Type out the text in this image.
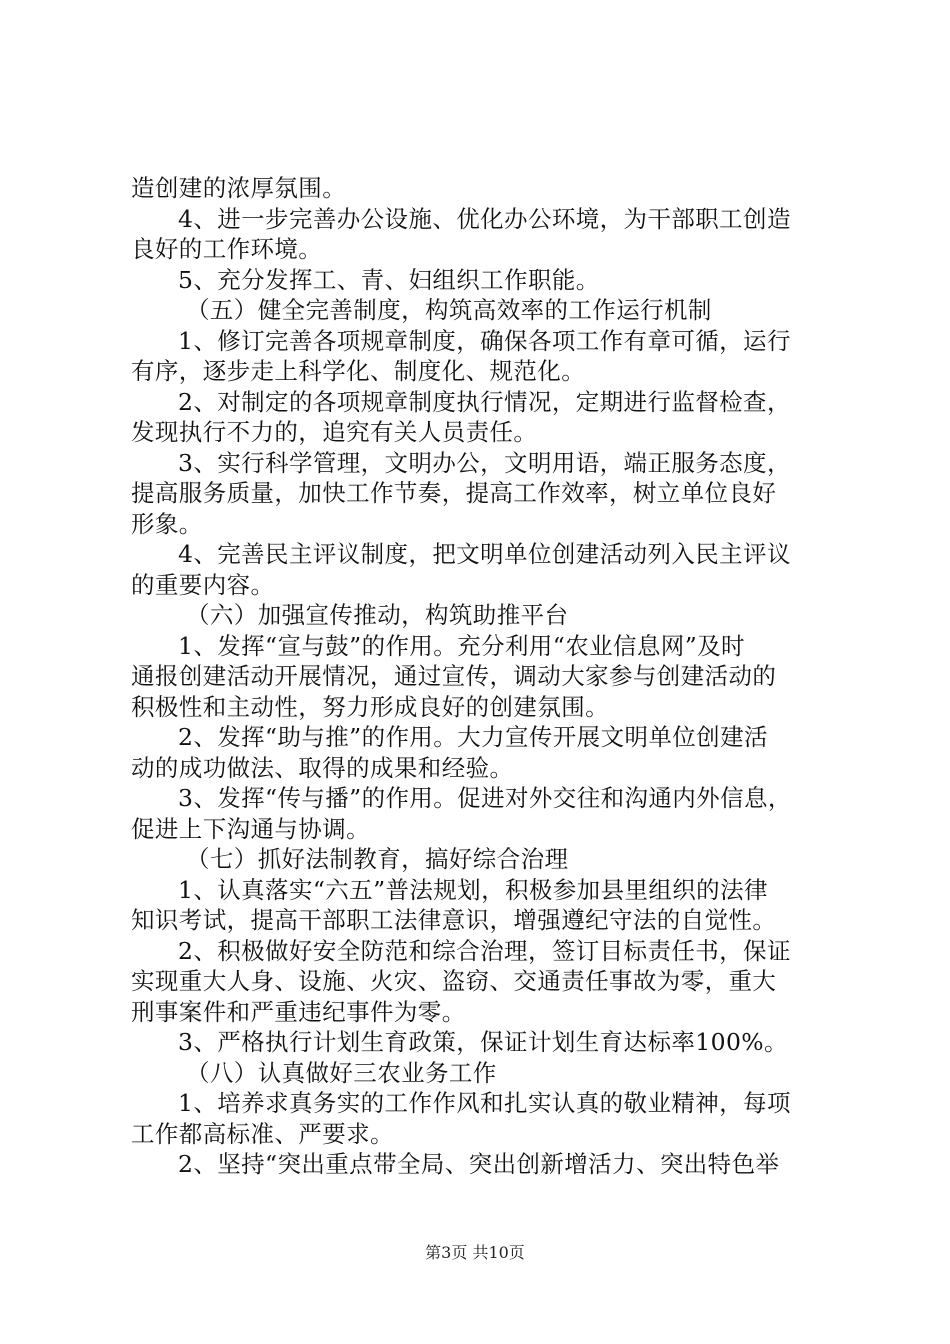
造创建的浓厚氛围。
4、进一步完善办公设施、优化办公环境，为干部职工创造
良好的工作环境。
5、充分发挥工、青、妇组织工作职能。
（五）健全完善制度，构筑高效率的工作运行机制
1、修订完善各项规章制度，确保各项工作有章可循，运行
有序，逐步走上科学化、制度化、规范化。
2、对制定的各项规章制度执行情况，定期进行监督检查，
发现执行不力的，追究有关人员责任。
3、实行科学管理，文明办公，文明用语，端正服务态度，
提高服务质量，加快工作节奏，提高工作效率，树立单位良好
形象。
4、完善民主评议制度，把文明单位创建活动列入民主评议
的重要内容。
（六）加强宣传推动，构筑助推平台
1、发挥“宣与鼓”的作用。充分利用“农业信息网”及时
通报创建活动开展情况，通过宣传，调动大家参与创建活动的
积极性和主动性，努力形成良好的创建氛围。
2、发挥“助与推”的作用。大力宣传开展文明单位创建活
动的成功做法、取得的成果和经验。
3、发挥“传与播”的作用。促进对外交往和沟通内外信息，
促进上下沟通与协调。
（七）抓好法制教育，搞好综合治理
1、认真落实“六五”普法规划，积极参加县里组织的法律
知识考试，提高干部职工法律意识，增强遵纪守法的自觉性。
2、积极做好安全防范和综合治理，签订目标责任书，保证
实现重大人身、设施、火灾、盗窃、交通责任事故为零，重大
刑事案件和严重违纪事件为零。
3、严格执行计划生育政策，保证计划生育达标率100%。
（八）认真做好三农业务工作
1、培养求真务实的工作作风和扎实认真的敬业精神，每项
工作都高标准、严要求。
2、坚持“突出重点带全局、突出创新增活力、突出特色举
第3页 共10页
